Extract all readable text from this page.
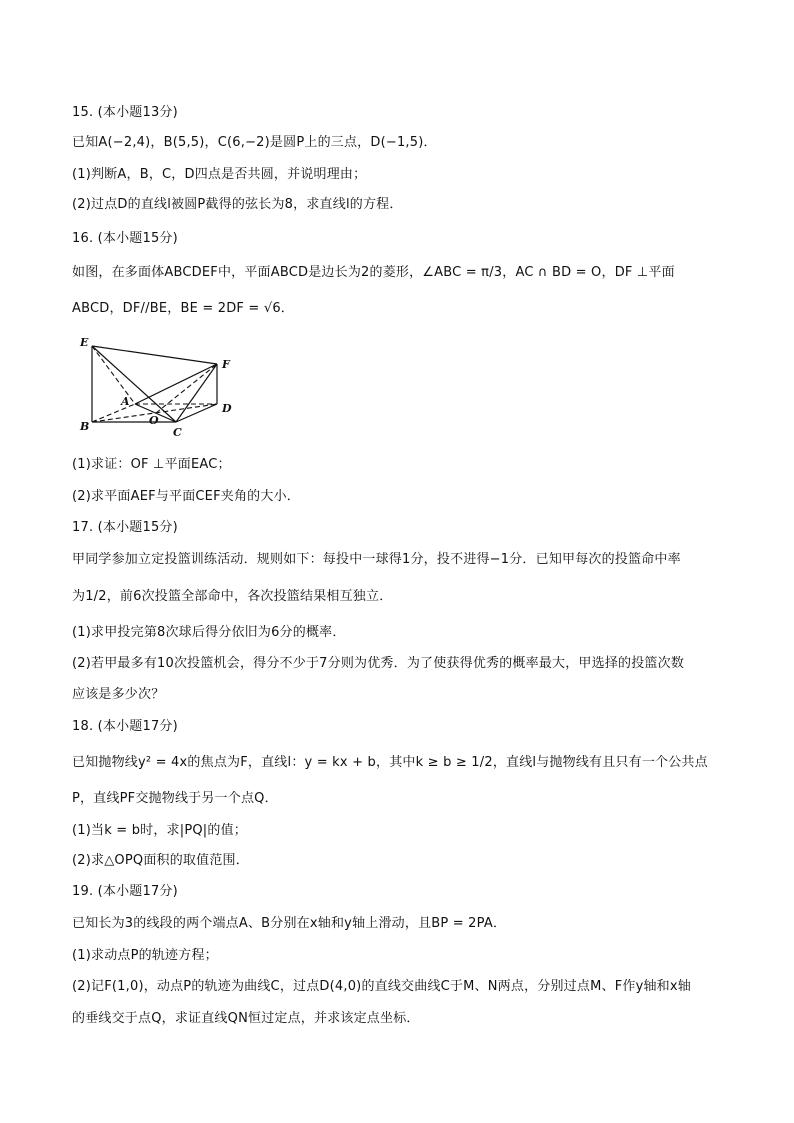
15. (本小题13分)
已知A(−2,4)，B(5,5)，C(6,−2)是圆P上的三点，D(−1,5)．
(1)判断A，B，C，D四点是否共圆，并说明理由；
(2)过点D的直线l被圆P截得的弦长为8，求直线l的方程．
16. (本小题15分)
如图，在多面体ABCDEF中，平面ABCD是边长为2的菱形，∠ABC = π/3，AC ∩ BD = O，DF ⊥平面
ABCD，DF//BE，BE = 2DF = √6．
E
F
A
O
D
B	C
(1)求证：OF ⊥平面EAC；
(2)求平面AEF与平面CEF夹角的大小．
17. (本小题15分)
甲同学参加立定投篮训练活动．规则如下：每投中一球得1分，投不进得−1分．已知甲每次的投篮命中率
为1/2，前6次投篮全部命中，各次投篮结果相互独立．
(1)求甲投完第8次球后得分依旧为6分的概率．
(2)若甲最多有10次投篮机会，得分不少于7分则为优秀．为了使获得优秀的概率最大，甲选择的投篮次数
应该是多少次？
18. (本小题17分)
已知抛物线y² = 4x的焦点为F，直线l：y = kx + b，其中k ≥ b ≥ 1/2，直线l与抛物线有且只有一个公共点
P，直线PF交抛物线于另一个点Q．
(1)当k = b时，求|PQ|的值；
(2)求△OPQ面积的取值范围．
19. (本小题17分)
已知长为3的线段的两个端点A、B分别在x轴和y轴上滑动，且BP = 2PA．
(1)求动点P的轨迹方程；
(2)记F(1,0)，动点P的轨迹为曲线C，过点D(4,0)的直线交曲线C于M、N两点，分别过点M、F作y轴和x轴
的垂线交于点Q，求证直线QN恒过定点，并求该定点坐标．
